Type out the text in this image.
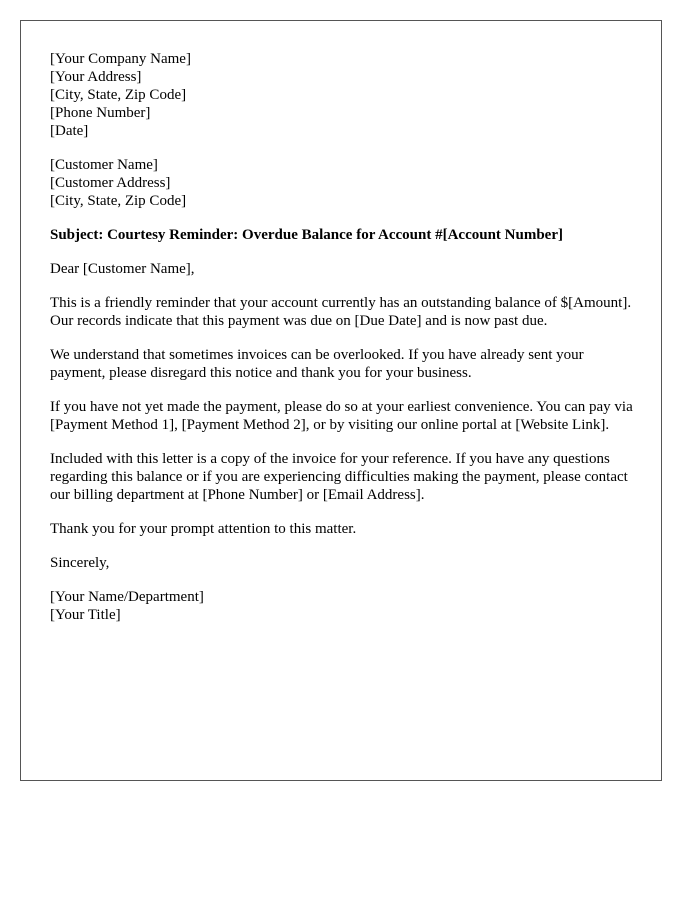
[Your Company Name]
[Your Address]
[City, State, Zip Code]
[Phone Number]
[Date]
[Customer Name]
[Customer Address]
[City, State, Zip Code]

Subject: Courtesy Reminder: Overdue Balance for Account #[Account Number]

Dear [Customer Name],

This is a friendly reminder that your account currently has an outstanding balance of $[Amount]. Our records indicate that this payment was due on [Due Date] and is now past due.

We understand that sometimes invoices can be overlooked. If you have already sent your payment, please disregard this notice and thank you for your business.

If you have not yet made the payment, please do so at your earliest convenience. You can pay via [Payment Method 1], [Payment Method 2], or by visiting our online portal at [Website Link].

Included with this letter is a copy of the invoice for your reference. If you have any questions regarding this balance or if you are experiencing difficulties making the payment, please contact our billing department at [Phone Number] or [Email Address].

Thank you for your prompt attention to this matter.

Sincerely,

[Your Name/Department]
[Your Title]
